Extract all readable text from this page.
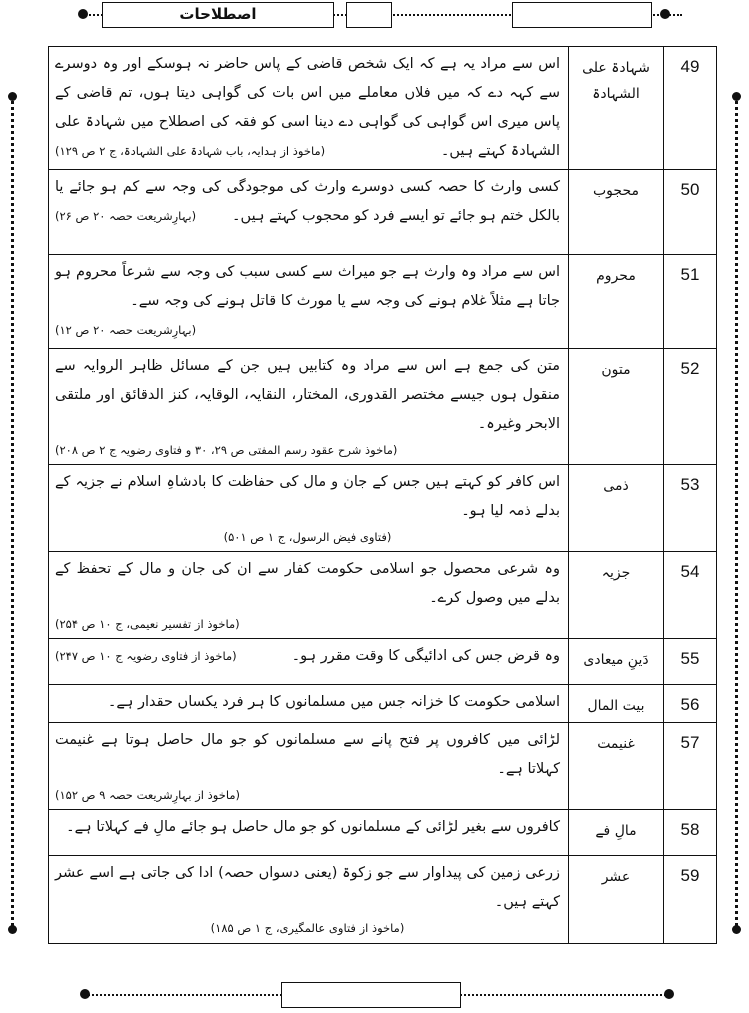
اصطلاحات
49	شہادۃ علی الشہادۃ	اس سے مراد یہ ہے کہ ایک شخص قاضی کے پاس حاضر نہ ہوسکے اور وہ دوسرے سے کہہ دے کہ میں فلاں معاملے میں اس بات کی گواہی دیتا ہوں، تم قاضی کے پاس میری اس گواہی کی گواہی دے دینا اسی کو فقہ کی اصطلاح میں شہادۃ علی الشہادۃ کہتے ہیں۔
(ماخوذ از ہدایہ، باب شہادۃ علی الشہادۃ، ج ۲ ص ۱۲۹)

50	محجوب	کسی وارث کا حصہ کسی دوسرے وارث کی موجودگی کی وجہ سے کم ہو جائے یا بالکل ختم ہو جائے تو ایسے فرد کو محجوب کہتے ہیں۔
(بہارِشریعت حصہ ۲۰ ص ۲۶)

51	محروم	اس سے مراد وہ وارث ہے جو میراث سے کسی سبب کی وجہ سے شرعاً محروم ہو جاتا ہے مثلاً غلام ہونے کی وجہ سے یا مورث کا قاتل ہونے کی وجہ سے۔
(بہارِشریعت حصہ ۲۰ ص ۱۲)

52	متون	متن کی جمع ہے اس سے مراد وہ کتابیں ہیں جن کے مسائل ظاہر الروایہ سے منقول ہوں جیسے مختصر القدوری، المختار، النقایہ، الوقایہ، کنز الدقائق اور ملتقی الابحر وغیرہ۔
(ماخوذ شرح عقود رسم المفتی ص ۲۹، ۳۰ و فتاوی رضویہ ج ۲ ص ۲۰۸)

53	ذمی	اس کافر کو کہتے ہیں جس کے جان و مال کی حفاظت کا بادشاہِ اسلام نے جزیہ کے بدلے ذمہ لیا ہو۔
(فتاوی فیض الرسول، ج ۱ ص ۵۰۱)

54	جزیہ	وہ شرعی محصول جو اسلامی حکومت کفار سے ان کی جان و مال کے تحفظ کے بدلے میں وصول کرے۔
(ماخوذ از تفسیر نعیمی، ج ۱۰ ص ۲۵۴)

55	دَینِ میعادی	وہ قرض جس کی ادائیگی کا وقت مقرر ہو۔
(ماخوذ از فتاوی رضویہ ج ۱۰ ص ۲۴۷)

56	بیت المال	اسلامی حکومت کا خزانہ جس میں مسلمانوں کا ہر فرد یکساں حقدار ہے۔
57	غنیمت	لڑائی میں کافروں پر فتح پانے سے مسلمانوں کو جو مال حاصل ہوتا ہے غنیمت کہلاتا ہے۔
(ماخوذ از بہارِشریعت حصہ ۹ ص ۱۵۲)

58	مالِ فے	کافروں سے بغیر لڑائی کے مسلمانوں کو جو مال حاصل ہو جائے مالِ فے کہلاتا ہے۔
59	عشر	زرعی زمین کی پیداوار سے جو زکوۃ (یعنی دسواں حصہ) ادا کی جاتی ہے اسے عشر کہتے ہیں۔
(ماخوذ از فتاوی عالمگیری، ج ۱ ص ۱۸۵)
